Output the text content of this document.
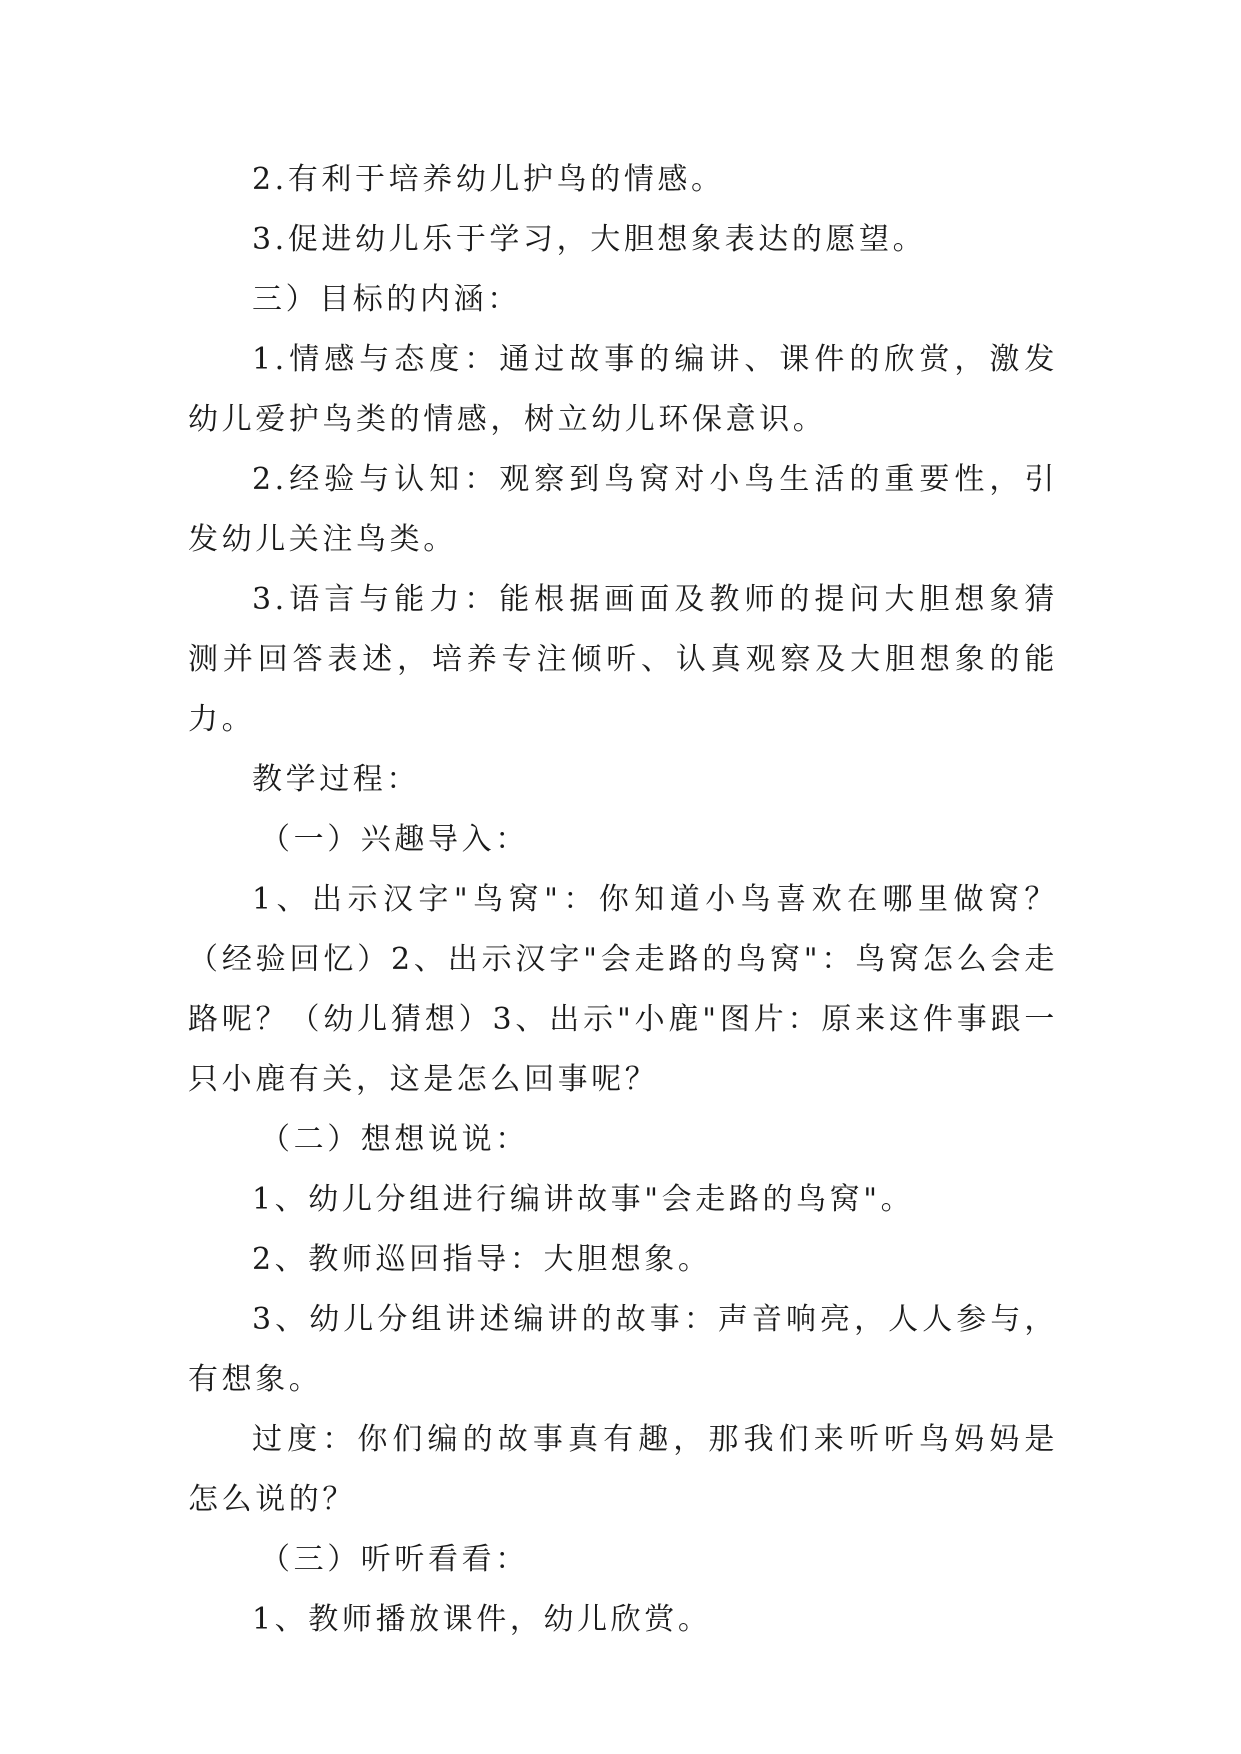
2.有利于培养幼儿护鸟的情感。

3.促进幼儿乐于学习，大胆想象表达的愿望。

三）目标的内涵：

1.情感与态度：通过故事的编讲、课件的欣赏，激发幼儿爱护鸟类的情感，树立幼儿环保意识。

2.经验与认知：观察到鸟窝对小鸟生活的重要性，引发幼儿关注鸟类。

3.语言与能力：能根据画面及教师的提问大胆想象猜测并回答表述，培养专注倾听、认真观察及大胆想象的能力。

教学过程：

（一）兴趣导入：

1、出示汉字"鸟窝"：你知道小鸟喜欢在哪里做窝？（经验回忆）2、出示汉字"会走路的鸟窝"：鸟窝怎么会走路呢？（幼儿猜想）3、出示"小鹿"图片：原来这件事跟一只小鹿有关，这是怎么回事呢？

（二）想想说说：

1、幼儿分组进行编讲故事"会走路的鸟窝"。

2、教师巡回指导：大胆想象。

3、幼儿分组讲述编讲的故事：声音响亮，人人参与，有想象。

过度：你们编的故事真有趣，那我们来听听鸟妈妈是怎么说的？

（三）听听看看：

1、教师播放课件，幼儿欣赏。
